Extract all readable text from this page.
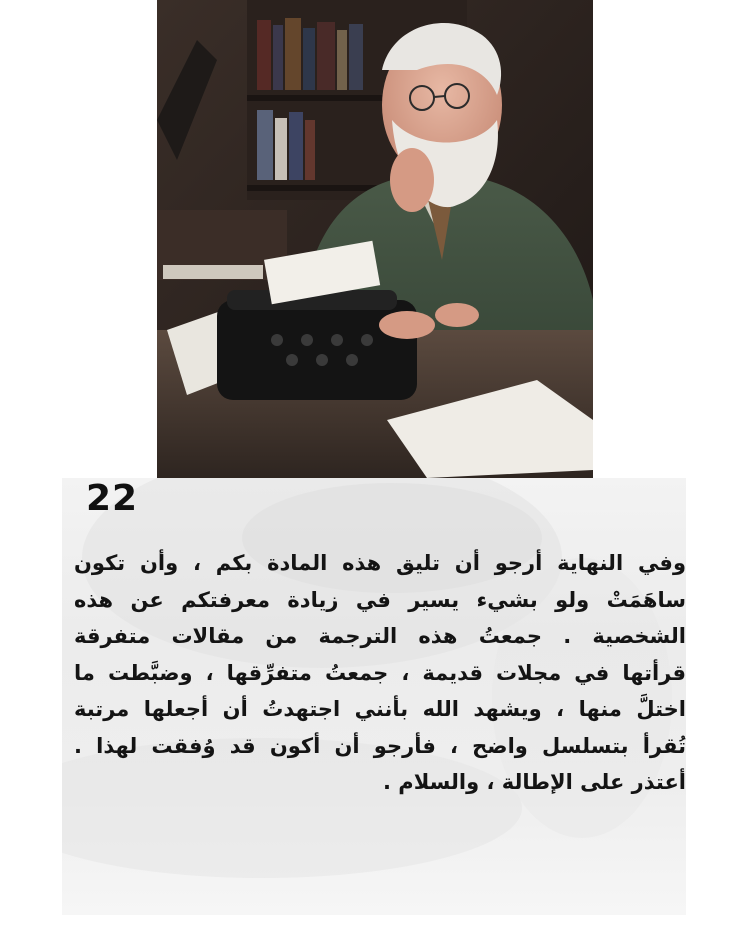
22

وفي النهاية أرجو أن تليق هذه المادة بكم ، وأن تكون
ساهَمَتْ ولو بشيء يسير في زيادة معرفتكم عن هذه
الشخصية . جمعتُ هذه الترجمة من مقالات متفرقة
قرأتها في مجلات قديمة ، جمعتُ متفرِّقها ، وضبَّطت ما
اختلَّ منها ، ويشهد الله بأنني اجتهدتُ أن أجعلها مرتبة
تُقرأ بتسلسل واضح ، فأرجو أن أكون قد وُفقت لهذا .
أعتذر على الإطالة ، والسلام .
